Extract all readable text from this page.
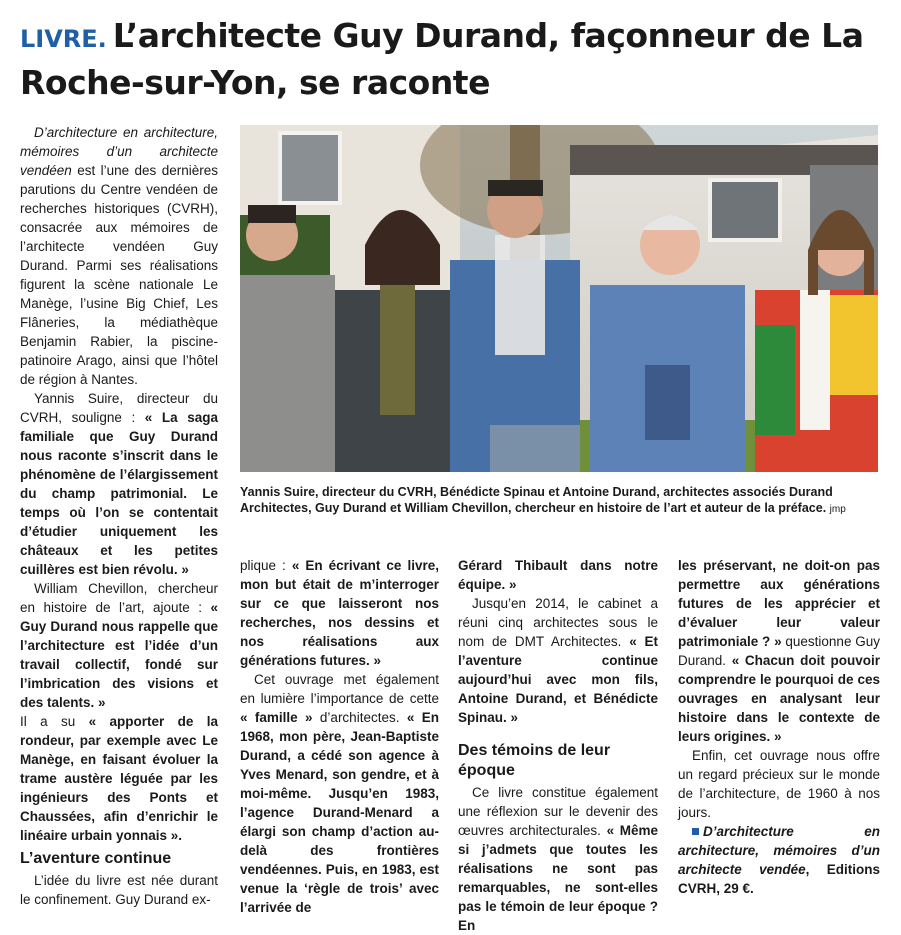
LIVRE. L’architecte Guy Durand, façonneur de La Roche-sur-Yon, se raconte

D’architecture en architecture, mémoires d’un architecte vendéen est l’une des dernières parutions du Centre vendéen de recherches historiques (CVRH), consacrée aux mémoires de l’architecte vendéen Guy Durand. Parmi ses réalisations figurent la scène nationale Le Manège, l’usine Big Chief, Les Flâneries, la médiathèque Benjamin Rabier, la piscine-patinoire Arago, ainsi que l’hôtel de région à Nantes.

Yannis Suire, directeur du CVRH, souligne : « La saga familiale que Guy Durand nous raconte s’inscrit dans le phénomène de l’élargissement du champ patrimonial. Le temps où l’on se contentait d’étudier uniquement les châteaux et les petites cuillères est bien révolu. »

William Chevillon, chercheur en histoire de l’art, ajoute : « Guy Durand nous rappelle que l’architecture est l’idée d’un travail collectif, fondé sur l’imbrication des visions et des talents. »

Il a su « apporter de la rondeur, par exemple avec Le Manège, en faisant évoluer la trame austère léguée par les ingénieurs des Ponts et Chaussées, afin d’enrichir le linéaire urbain yonnais ».

L’aventure continue

L’idée du livre est née durant le confinement. Guy Durand ex-

Yannis Suire, directeur du CVRH, Bénédicte Spinau et Antoine Durand, architectes associés Durand Architectes, Guy Durand et William Chevillon, chercheur en histoire de l’art et auteur de la préface. jmp

plique : « En écrivant ce livre, mon but était de m’interroger sur ce que laisseront nos recherches, nos dessins et nos réalisations aux générations futures. »

Cet ouvrage met également en lumière l’importance de cette « famille » d’architectes. « En 1968, mon père, Jean-Baptiste Durand, a cédé son agence à Yves Menard, son gendre, et à moi-même. Jusqu’en 1983, l’agence Durand-Menard a élargi son champ d’action au-delà des frontières vendéennes. Puis, en 1983, est venue la ‘règle de trois’ avec l’arrivée de

Gérard Thibault dans notre équipe. »

Jusqu’en 2014, le cabinet a réuni cinq architectes sous le nom de DMT Architectes. « Et l’aventure continue aujourd’hui avec mon fils, Antoine Durand, et Bénédicte Spinau. »

Des témoins de leur époque

Ce livre constitue également une réflexion sur le devenir des œuvres architecturales. « Même si j’admets que toutes les réalisations ne sont pas remarquables, ne sont-elles pas le témoin de leur époque ? En

les préservant, ne doit-on pas permettre aux générations futures de les apprécier et d’évaluer leur valeur patrimoniale ? » questionne Guy Durand. « Chacun doit pouvoir comprendre le pourquoi de ces ouvrages en analysant leur histoire dans le contexte de leurs origines. »

Enfin, cet ouvrage nous offre un regard précieux sur le monde de l’architecture, de 1960 à nos jours.

D’architecture en architecture, mémoires d’un architecte vendée, Editions CVRH, 29 €.
